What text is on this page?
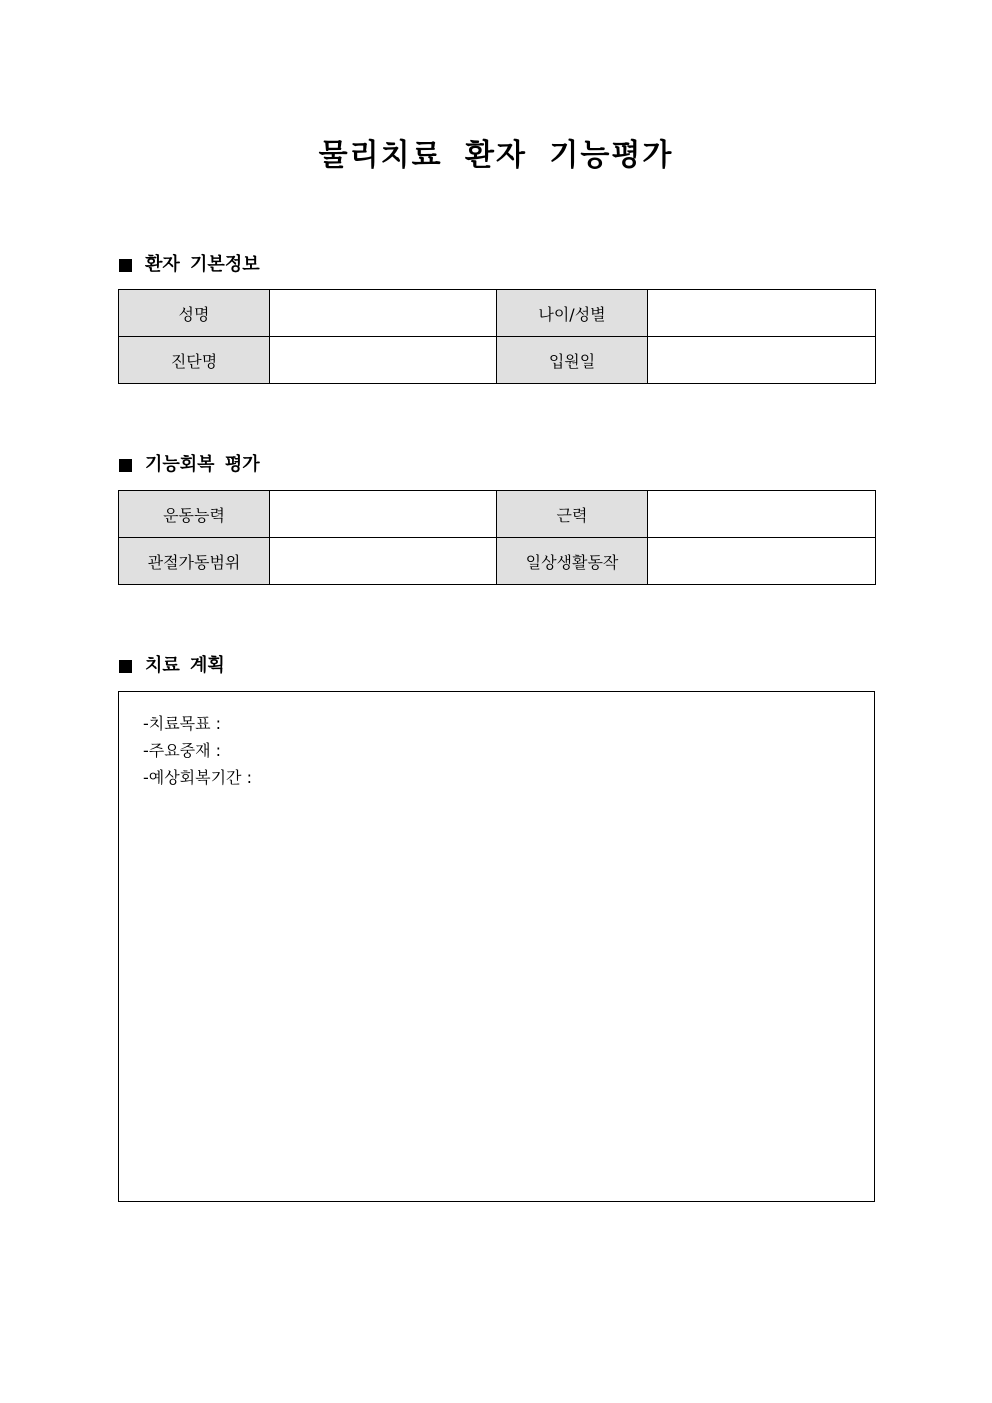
물리치료 환자 기능평가
환자 기본정보
성명		나이/성별	
진단명		입원일	
기능회복 평가
운동능력		근력	
관절가동범위		일상생활동작	
치료 계획
-치료목표 :
-주요중재 :
-예상회복기간 :
